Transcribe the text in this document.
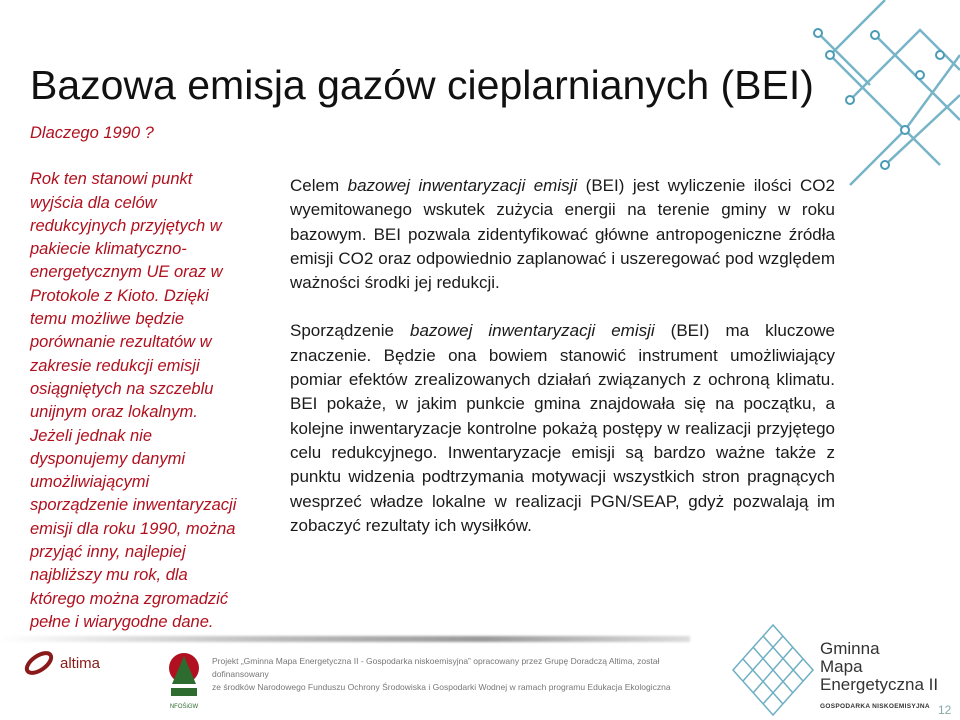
Bazowa emisja gazów cieplarnianych (BEI)
Dlaczego 1990 ?
Rok ten stanowi punkt
wyjścia dla celów
redukcyjnych przyjętych w
pakiecie klimatyczno-
energetycznym UE oraz w
Protokole z Kioto. Dzięki
temu możliwe będzie
porównanie rezultatów w
zakresie redukcji emisji
osiągniętych na szczeblu
unijnym oraz lokalnym.
Jeżeli jednak nie
dysponujemy danymi
umożliwiającymi
sporządzenie inwentaryzacji
emisji dla roku 1990, można
przyjąć inny, najlepiej
najbliższy mu rok, dla
którego można zgromadzić
pełne i wiarygodne dane.

Celem bazowej inwentaryzacji emisji (BEI) jest wyliczenie ilości CO2 wyemitowanego wskutek zużycia energii na terenie gminy w roku bazowym. BEI pozwala zidentyfikować główne antropogeniczne źródła emisji CO2 oraz odpowiednio zaplanować i uszeregować pod względem ważności środki jej redukcji.

Sporządzenie bazowej inwentaryzacji emisji (BEI) ma kluczowe znaczenie. Będzie ona bowiem stanowić instrument umożliwiający pomiar efektów zrealizowanych działań związanych z ochroną klimatu. BEI pokaże, w jakim punkcie gmina znajdowała się na początku, a kolejne inwentaryzacje kontrolne pokażą postępy w realizacji przyjętego celu redukcyjnego. Inwentaryzacje emisji są bardzo ważne także z punktu widzenia podtrzymania motywacji wszystkich stron pragnących wesprzeć władze lokalne w realizacji PGN/SEAP, gdyż pozwalają im zobaczyć rezultaty ich wysiłków.

altima
NFOŚiGW
Projekt „Gminna Mapa Energetyczna II - Gospodarka niskoemisyjna” opracowany przez Grupę Doradczą Altima, został dofinansowany
ze środków Narodowego Funduszu Ochrony Środowiska i Gospodarki Wodnej w ramach programu Edukacja Ekologiczna
Gminna
Mapa
Energetyczna II
GOSPODARKA NISKOEMISYJNA 12
